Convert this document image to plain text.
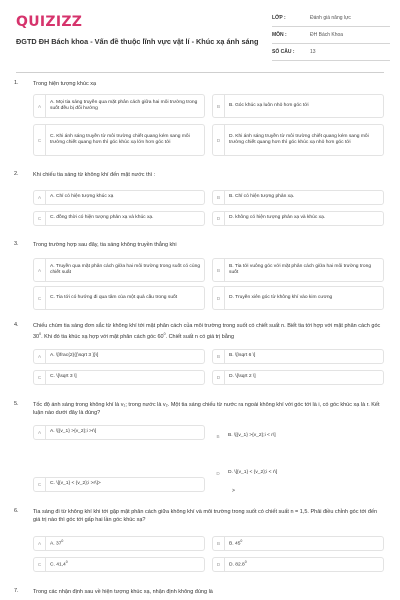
QUIZIZZ
ĐGTD ĐH Bách khoa - Vấn đề thuộc lĩnh vực vật lí - Khúc xạ ánh sáng
LỚP :	Đánh giá năng lực
MÔN :	ĐH Bách Khoa
SỐ CÂU :	13
1.	Trong hiện tượng khúc xạ
A
A. Mọi tia sáng truyền qua mặt phân cách giữa hai môi trường trong suốt đều bị đổi hướng	B	B. Góc khúc xạ luôn nhỏ hơn góc tới
C
C. Khi ánh sáng truyền từ môi trường chiết quang kém sang môi trường chiết quang hơn thì góc khúc xạ lớn hơn góc tới	D
D. Khi ánh sáng truyền từ môi trường chiết quang kém sang môi trường chiết quang hơn thì góc khúc xạ nhỏ hơn góc tới
2.	Khi chiếu tia sáng từ không khí đến mặt nước thì :
A	A. Chỉ có hiện tượng khúc xạ	B	B. Chỉ có hiện tượng phản xạ.
C	C. đồng thời có hiện tượng phản xạ và khúc xạ.	D	D. không có hiện tượng phản xạ và khúc xạ.
3.	Trong trường hợp sau đây, tia sáng không truyền thẳng khi
A
A. Truyền qua mặt phân cách giữa hai môi trường trong suốt có cùng chiết suất	B
B. Tia tới vuông góc với mặt phân cách giữa hai môi trường trong suốt
C	C. Tia tới có hướng đi qua tâm của một quả cầu trong suốt	D	D. Truyền xiên góc từ không khí vào kim cương
4.	Chiếu chùm tia sáng đơn sắc từ không khí tới mặt phân cách của môi trường trong suốt có chiết suất n. Biết tia tới hợp với mặt phân cách góc $30^0$. Khi đó tia khúc xạ hợp với mặt phân cách góc $60^0$. Chiết suất n có giá trị bằng
A	A. \[\frac{2}{{\sqrt 3 }}\]	B	B. \[\sqrt 6 \]
C	C. \[\sqrt 3 \]	D	D. \[\sqrt 2 \]
5.	Tốc độ ánh sáng trong không khí là v₁; trong nước là v₂. Một tia sáng chiếu từ nước ra ngoài không khí với góc tới là i, có góc khúc xạ là r. Kết luận nào dưới đây là đúng?
A	A. \[{v_1} >{v_2};i >r\]
B	B. \[{v_1} >{v_2};i < r\]
C	C. \[{v_1} < {v_2};i >r\]>
D	D. \[{v_1} < {v_2};i < r\]
>
6.	Tia sáng đi từ không khí khi tới gặp mặt phân cách giữa không khí và môi trường trong suốt có chiết suất n = 1,5. Phải điều chỉnh góc tới đến giá trị nào thì góc tới gấp hai lần góc khúc xạ?
A	A. $37^0$	B	B. $45^0$
C	C. 41,4$^0$	D	D. 82.8$^0$
7.	Trong các nhận định sau về hiện tượng khúc xạ, nhận định không đúng là
